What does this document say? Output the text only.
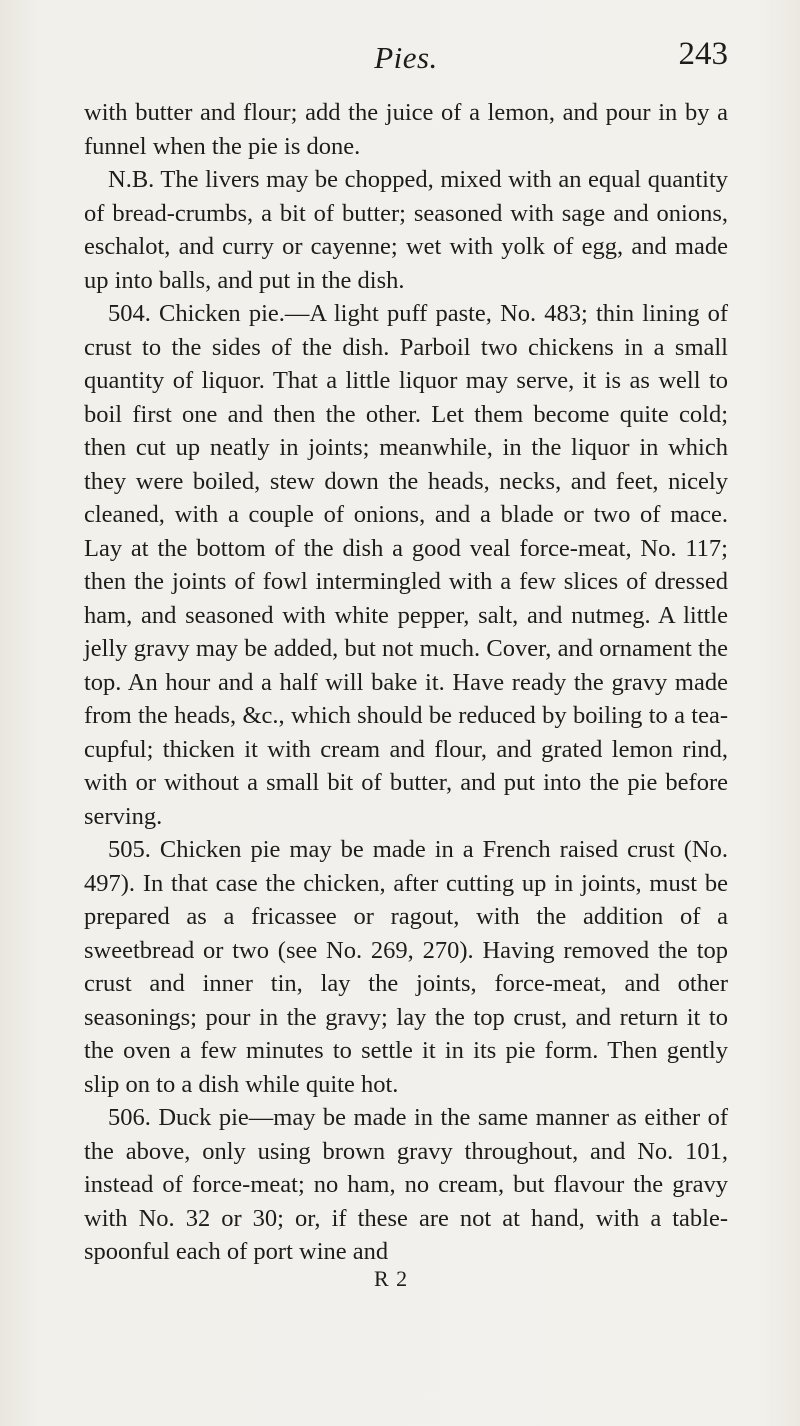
Pies.	243

with butter and flour; add the juice of a lemon, and pour in by a funnel when the pie is done.

N.B. The livers may be chopped, mixed with an equal quantity of bread-crumbs, a bit of butter; seasoned with sage and onions, eschalot, and curry or cayenne; wet with yolk of egg, and made up into balls, and put in the dish.

504. Chicken pie.—A light puff paste, No. 483; thin lining of crust to the sides of the dish. Parboil two chickens in a small quantity of liquor. That a little liquor may serve, it is as well to boil first one and then the other. Let them become quite cold; then cut up neatly in joints; meanwhile, in the liquor in which they were boiled, stew down the heads, necks, and feet, nicely cleaned, with a couple of onions, and a blade or two of mace. Lay at the bottom of the dish a good veal force-meat, No. 117; then the joints of fowl intermingled with a few slices of dressed ham, and seasoned with white pepper, salt, and nutmeg. A little jelly gravy may be added, but not much. Cover, and ornament the top. An hour and a half will bake it. Have ready the gravy made from the heads, &c., which should be reduced by boiling to a tea-cupful; thicken it with cream and flour, and grated lemon rind, with or without a small bit of butter, and put into the pie before serving.

505. Chicken pie may be made in a French raised crust (No. 497). In that case the chicken, after cutting up in joints, must be prepared as a fricassee or ragout, with the addition of a sweetbread or two (see No. 269, 270). Having removed the top crust and inner tin, lay the joints, force-meat, and other seasonings; pour in the gravy; lay the top crust, and return it to the oven a few minutes to settle it in its pie form. Then gently slip on to a dish while quite hot.

506. Duck pie—may be made in the same manner as either of the above, only using brown gravy throughout, and No. 101, instead of force-meat; no ham, no cream, but flavour the gravy with No. 32 or 30; or, if these are not at hand, with a table-spoonful each of port wine and

R 2
